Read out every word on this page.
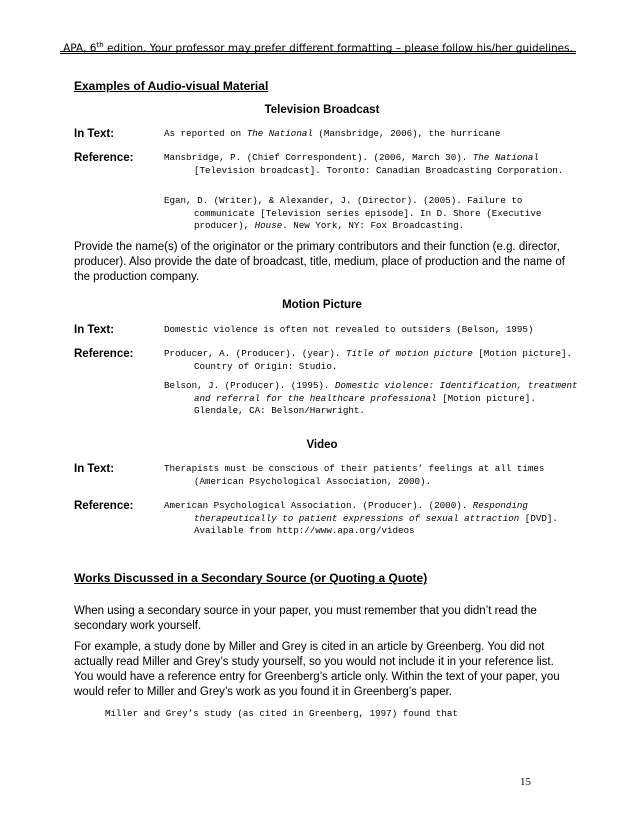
APA, 6th edition. Your professor may prefer different formatting – please follow his/her guidelines.
Examples of Audio-visual Material
Television Broadcast
In Text:	As reported on The National (Mansbridge, 2006), the hurricane
Reference:	Mansbridge, P. (Chief Correspondent). (2006, March 30). The National [Television broadcast]. Toronto: Canadian Broadcasting Corporation.
Egan, D. (Writer), & Alexander, J. (Director). (2005). Failure to communicate [Television series episode]. In D. Shore (Executive producer), House. New York, NY: Fox Broadcasting.
Provide the name(s) of the originator or the primary contributors and their function (e.g. director, producer). Also provide the date of broadcast, title, medium, place of production and the name of the production company.
Motion Picture
In Text:	Domestic violence is often not revealed to outsiders (Belson, 1995)
Reference:	Producer, A. (Producer). (year). Title of motion picture [Motion picture]. Country of Origin: Studio.
Belson, J. (Producer). (1995). Domestic violence: Identification, treatment and referral for the healthcare professional [Motion picture]. Glendale, CA: Belson/Harwright.
Video
In Text:	Therapists must be conscious of their patients’ feelings at all times (American Psychological Association, 2000).
Reference:	American Psychological Association. (Producer). (2000). Responding therapeutically to patient expressions of sexual attraction [DVD]. Available from http://www.apa.org/videos
Works Discussed in a Secondary Source (or Quoting a Quote)
When using a secondary source in your paper, you must remember that you didn’t read the secondary work yourself.
For example, a study done by Miller and Grey is cited in an article by Greenberg. You did not actually read Miller and Grey’s study yourself, so you would not include it in your reference list. You would have a reference entry for Greenberg’s article only. Within the text of your paper, you would refer to Miller and Grey’s work as you found it in Greenberg’s paper.
Miller and Grey’s study (as cited in Greenberg, 1997) found that
15
